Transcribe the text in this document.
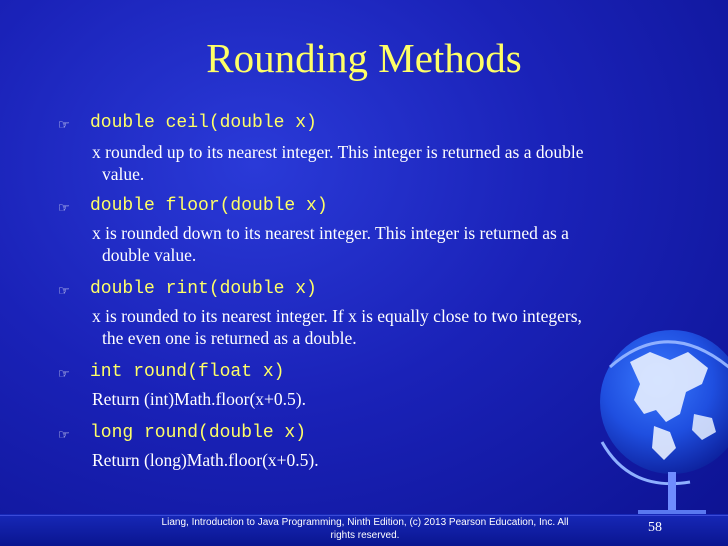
Rounding Methods
☞ double ceil(double x)
x rounded up to its nearest integer. This integer is returned as a double
value.
☞ double floor(double x)
x is rounded down to its nearest integer. This integer is returned as a
double value.
☞ double rint(double x)
x is rounded to its nearest integer. If x is equally close to two integers,
the even one is returned as a double.
☞ int round(float x)
Return (int)Math.floor(x+0.5).
☞ long round(double x)
Return (long)Math.floor(x+0.5).
Liang, Introduction to Java Programming, Ninth Edition, (c) 2013 Pearson Education, Inc. All
rights reserved.
58
